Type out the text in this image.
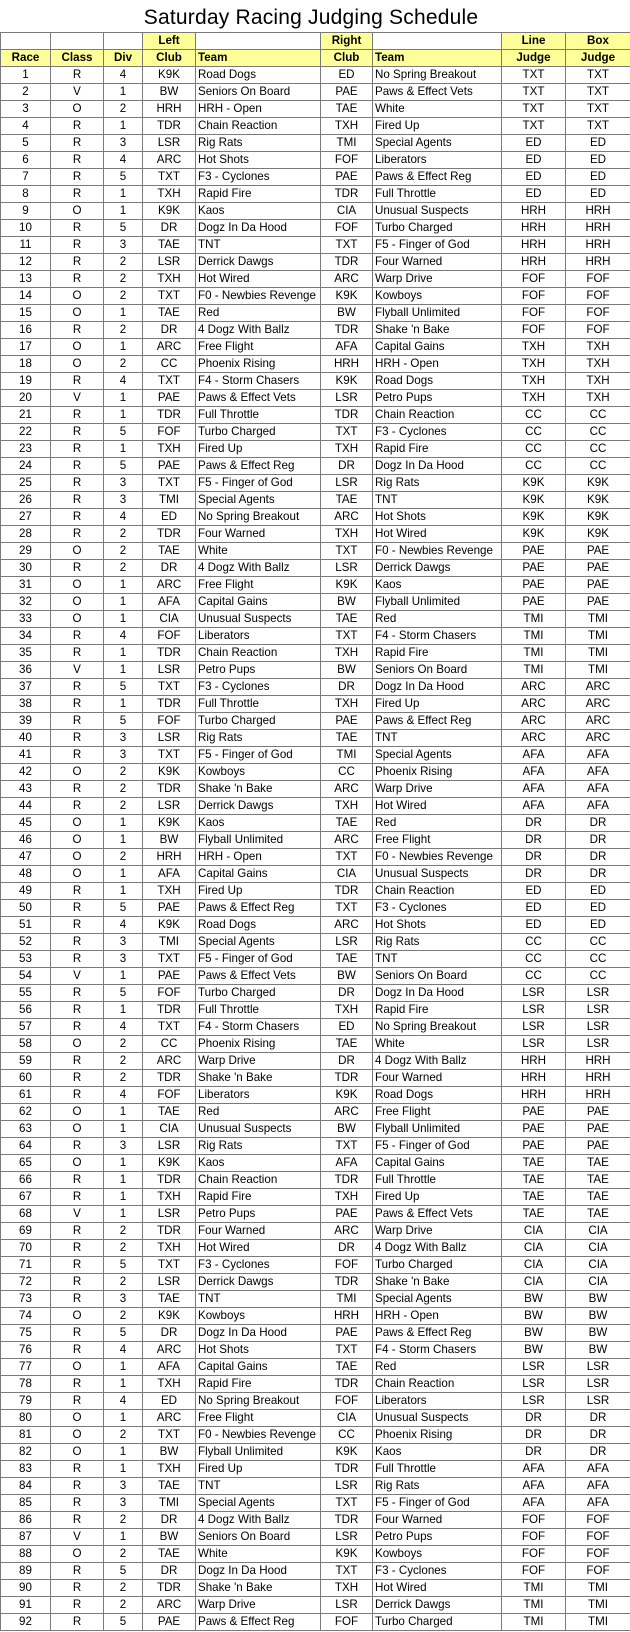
Saturday Racing Judging Schedule
			Left		Right		Line	Box
Race	Class	Div	Club	Team	Club	Team	Judge	Judge
1	R	4	K9K	Road Dogs	ED	No Spring Breakout	TXT	TXT
2	V	1	BW	Seniors On Board	PAE	Paws & Effect Vets	TXT	TXT
3	O	2	HRH	HRH - Open	TAE	White	TXT	TXT
4	R	1	TDR	Chain Reaction	TXH	Fired Up	TXT	TXT
5	R	3	LSR	Rig Rats	TMI	Special Agents	ED	ED
6	R	4	ARC	Hot Shots	FOF	Liberators	ED	ED
7	R	5	TXT	F3 - Cyclones	PAE	Paws & Effect Reg	ED	ED
8	R	1	TXH	Rapid Fire	TDR	Full Throttle	ED	ED
9	O	1	K9K	Kaos	CIA	Unusual Suspects	HRH	HRH
10	R	5	DR	Dogz In Da Hood	FOF	Turbo Charged	HRH	HRH
11	R	3	TAE	TNT	TXT	F5 - Finger of God	HRH	HRH
12	R	2	LSR	Derrick Dawgs	TDR	Four Warned	HRH	HRH
13	R	2	TXH	Hot Wired	ARC	Warp Drive	FOF	FOF
14	O	2	TXT	F0 - Newbies Revenge	K9K	Kowboys	FOF	FOF
15	O	1	TAE	Red	BW	Flyball Unlimited	FOF	FOF
16	R	2	DR	4 Dogz With Ballz	TDR	Shake 'n Bake	FOF	FOF
17	O	1	ARC	Free Flight	AFA	Capital Gains	TXH	TXH
18	O	2	CC	Phoenix Rising	HRH	HRH - Open	TXH	TXH
19	R	4	TXT	F4 - Storm Chasers	K9K	Road Dogs	TXH	TXH
20	V	1	PAE	Paws & Effect Vets	LSR	Petro Pups	TXH	TXH
21	R	1	TDR	Full Throttle	TDR	Chain Reaction	CC	CC
22	R	5	FOF	Turbo Charged	TXT	F3 - Cyclones	CC	CC
23	R	1	TXH	Fired Up	TXH	Rapid Fire	CC	CC
24	R	5	PAE	Paws & Effect Reg	DR	Dogz In Da Hood	CC	CC
25	R	3	TXT	F5 - Finger of God	LSR	Rig Rats	K9K	K9K
26	R	3	TMI	Special Agents	TAE	TNT	K9K	K9K
27	R	4	ED	No Spring Breakout	ARC	Hot Shots	K9K	K9K
28	R	2	TDR	Four Warned	TXH	Hot Wired	K9K	K9K
29	O	2	TAE	White	TXT	F0 - Newbies Revenge	PAE	PAE
30	R	2	DR	4 Dogz With Ballz	LSR	Derrick Dawgs	PAE	PAE
31	O	1	ARC	Free Flight	K9K	Kaos	PAE	PAE
32	O	1	AFA	Capital Gains	BW	Flyball Unlimited	PAE	PAE
33	O	1	CIA	Unusual Suspects	TAE	Red	TMI	TMI
34	R	4	FOF	Liberators	TXT	F4 - Storm Chasers	TMI	TMI
35	R	1	TDR	Chain Reaction	TXH	Rapid Fire	TMI	TMI
36	V	1	LSR	Petro Pups	BW	Seniors On Board	TMI	TMI
37	R	5	TXT	F3 - Cyclones	DR	Dogz In Da Hood	ARC	ARC
38	R	1	TDR	Full Throttle	TXH	Fired Up	ARC	ARC
39	R	5	FOF	Turbo Charged	PAE	Paws & Effect Reg	ARC	ARC
40	R	3	LSR	Rig Rats	TAE	TNT	ARC	ARC
41	R	3	TXT	F5 - Finger of God	TMI	Special Agents	AFA	AFA
42	O	2	K9K	Kowboys	CC	Phoenix Rising	AFA	AFA
43	R	2	TDR	Shake 'n Bake	ARC	Warp Drive	AFA	AFA
44	R	2	LSR	Derrick Dawgs	TXH	Hot Wired	AFA	AFA
45	O	1	K9K	Kaos	TAE	Red	DR	DR
46	O	1	BW	Flyball Unlimited	ARC	Free Flight	DR	DR
47	O	2	HRH	HRH - Open	TXT	F0 - Newbies Revenge	DR	DR
48	O	1	AFA	Capital Gains	CIA	Unusual Suspects	DR	DR
49	R	1	TXH	Fired Up	TDR	Chain Reaction	ED	ED
50	R	5	PAE	Paws & Effect Reg	TXT	F3 - Cyclones	ED	ED
51	R	4	K9K	Road Dogs	ARC	Hot Shots	ED	ED
52	R	3	TMI	Special Agents	LSR	Rig Rats	CC	CC
53	R	3	TXT	F5 - Finger of God	TAE	TNT	CC	CC
54	V	1	PAE	Paws & Effect Vets	BW	Seniors On Board	CC	CC
55	R	5	FOF	Turbo Charged	DR	Dogz In Da Hood	LSR	LSR
56	R	1	TDR	Full Throttle	TXH	Rapid Fire	LSR	LSR
57	R	4	TXT	F4 - Storm Chasers	ED	No Spring Breakout	LSR	LSR
58	O	2	CC	Phoenix Rising	TAE	White	LSR	LSR
59	R	2	ARC	Warp Drive	DR	4 Dogz With Ballz	HRH	HRH
60	R	2	TDR	Shake 'n Bake	TDR	Four Warned	HRH	HRH
61	R	4	FOF	Liberators	K9K	Road Dogs	HRH	HRH
62	O	1	TAE	Red	ARC	Free Flight	PAE	PAE
63	O	1	CIA	Unusual Suspects	BW	Flyball Unlimited	PAE	PAE
64	R	3	LSR	Rig Rats	TXT	F5 - Finger of God	PAE	PAE
65	O	1	K9K	Kaos	AFA	Capital Gains	TAE	TAE
66	R	1	TDR	Chain Reaction	TDR	Full Throttle	TAE	TAE
67	R	1	TXH	Rapid Fire	TXH	Fired Up	TAE	TAE
68	V	1	LSR	Petro Pups	PAE	Paws & Effect Vets	TAE	TAE
69	R	2	TDR	Four Warned	ARC	Warp Drive	CIA	CIA
70	R	2	TXH	Hot Wired	DR	4 Dogz With Ballz	CIA	CIA
71	R	5	TXT	F3 - Cyclones	FOF	Turbo Charged	CIA	CIA
72	R	2	LSR	Derrick Dawgs	TDR	Shake 'n Bake	CIA	CIA
73	R	3	TAE	TNT	TMI	Special Agents	BW	BW
74	O	2	K9K	Kowboys	HRH	HRH - Open	BW	BW
75	R	5	DR	Dogz In Da Hood	PAE	Paws & Effect Reg	BW	BW
76	R	4	ARC	Hot Shots	TXT	F4 - Storm Chasers	BW	BW
77	O	1	AFA	Capital Gains	TAE	Red	LSR	LSR
78	R	1	TXH	Rapid Fire	TDR	Chain Reaction	LSR	LSR
79	R	4	ED	No Spring Breakout	FOF	Liberators	LSR	LSR
80	O	1	ARC	Free Flight	CIA	Unusual Suspects	DR	DR
81	O	2	TXT	F0 - Newbies Revenge	CC	Phoenix Rising	DR	DR
82	O	1	BW	Flyball Unlimited	K9K	Kaos	DR	DR
83	R	1	TXH	Fired Up	TDR	Full Throttle	AFA	AFA
84	R	3	TAE	TNT	LSR	Rig Rats	AFA	AFA
85	R	3	TMI	Special Agents	TXT	F5 - Finger of God	AFA	AFA
86	R	2	DR	4 Dogz With Ballz	TDR	Four Warned	FOF	FOF
87	V	1	BW	Seniors On Board	LSR	Petro Pups	FOF	FOF
88	O	2	TAE	White	K9K	Kowboys	FOF	FOF
89	R	5	DR	Dogz In Da Hood	TXT	F3 - Cyclones	FOF	FOF
90	R	2	TDR	Shake 'n Bake	TXH	Hot Wired	TMI	TMI
91	R	2	ARC	Warp Drive	LSR	Derrick Dawgs	TMI	TMI
92	R	5	PAE	Paws & Effect Reg	FOF	Turbo Charged	TMI	TMI
